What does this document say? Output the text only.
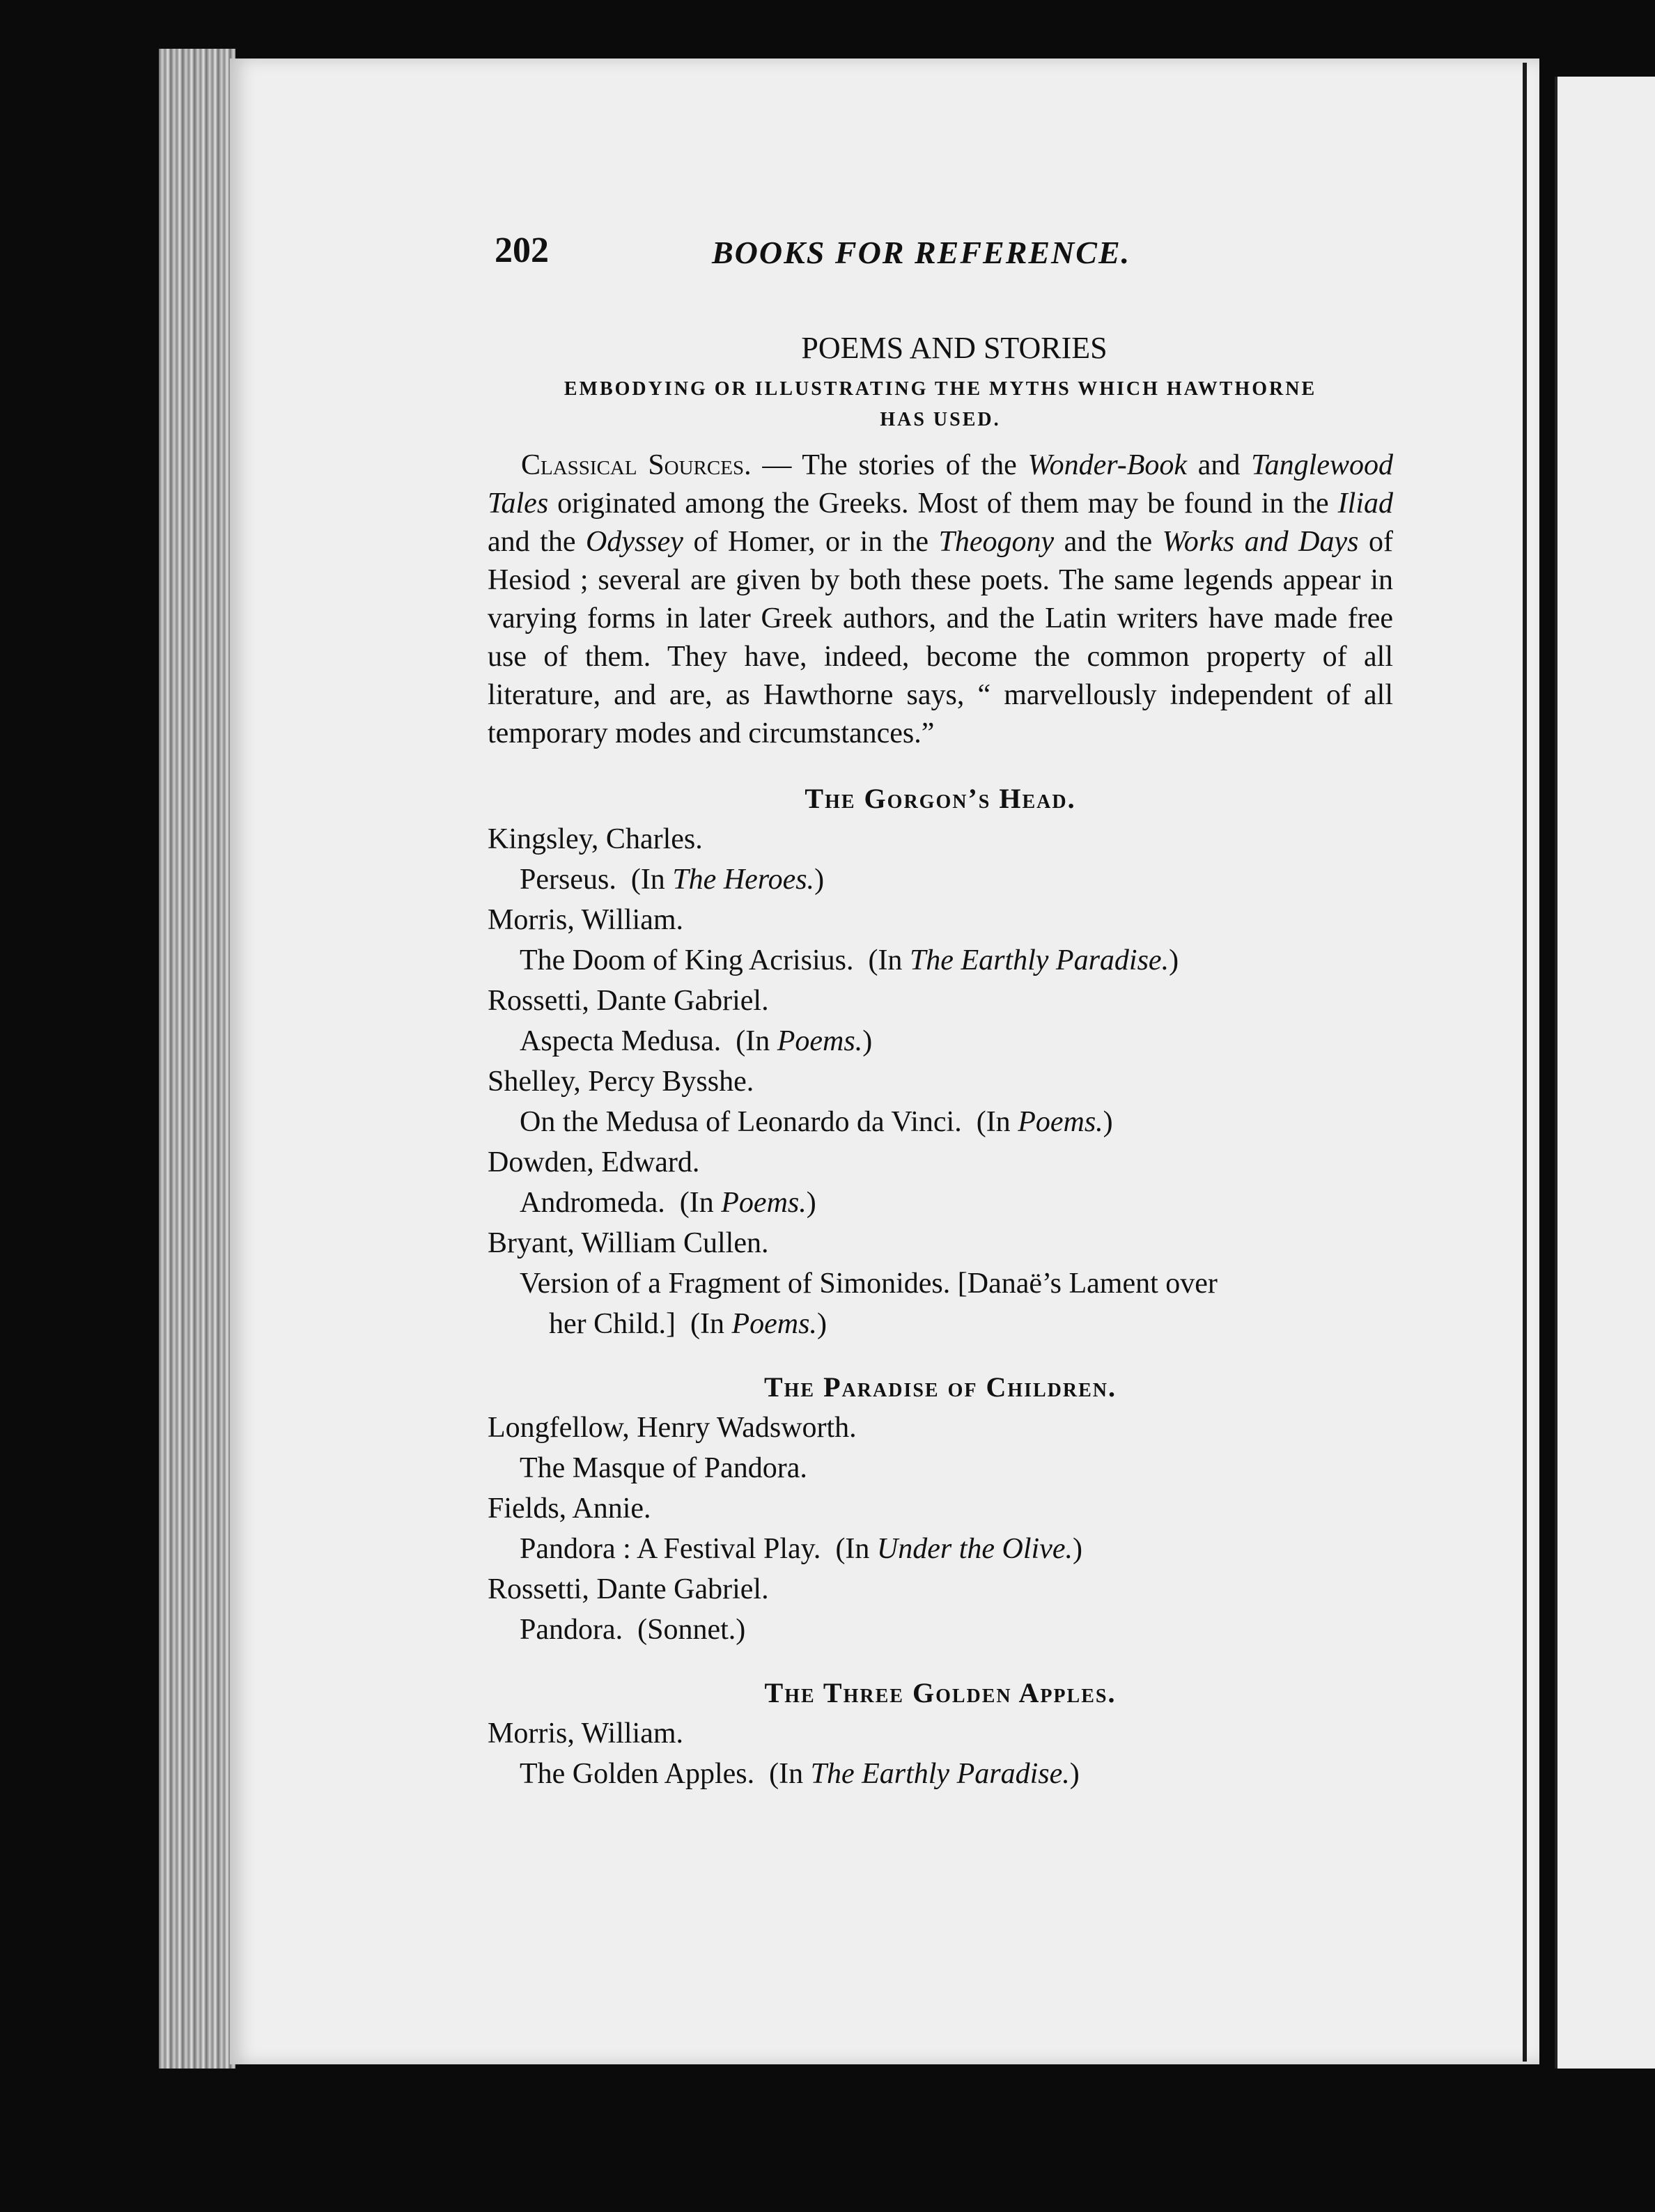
202	BOOKS FOR REFERENCE.
POEMS AND STORIES
EMBODYING OR ILLUSTRATING THE MYTHS WHICH HAWTHORNE
HAS USED.

Classical Sources. — The stories of the Wonder-Book and Tanglewood Tales originated among the Greeks. Most of them may be found in the Iliad and the Odyssey of Homer, or in the Theogony and the Works and Days of Hesiod ; several are given by both these poets. The same legends appear in varying forms in later Greek authors, and the Latin writers have made free use of them. They have, indeed, become the common property of all literature, and are, as Hawthorne says, “ marvellously independent of all temporary modes and circumstances.”

The Gorgon’s Head.
Kingsley, Charles.
Perseus. (In The Heroes.)
Morris, William.
The Doom of King Acrisius. (In The Earthly Paradise.)
Rossetti, Dante Gabriel.
Aspecta Medusa. (In Poems.)
Shelley, Percy Bysshe.
On the Medusa of Leonardo da Vinci. (In Poems.)
Dowden, Edward.
Andromeda. (In Poems.)
Bryant, William Cullen.
Version of a Fragment of Simonides. [Danaë’s Lament over
her Child.] (In Poems.)
The Paradise of Children.
Longfellow, Henry Wadsworth.
The Masque of Pandora.
Fields, Annie.
Pandora : A Festival Play. (In Under the Olive.)
Rossetti, Dante Gabriel.
Pandora. (Sonnet.)
The Three Golden Apples.
Morris, William.
The Golden Apples. (In The Earthly Paradise.)
